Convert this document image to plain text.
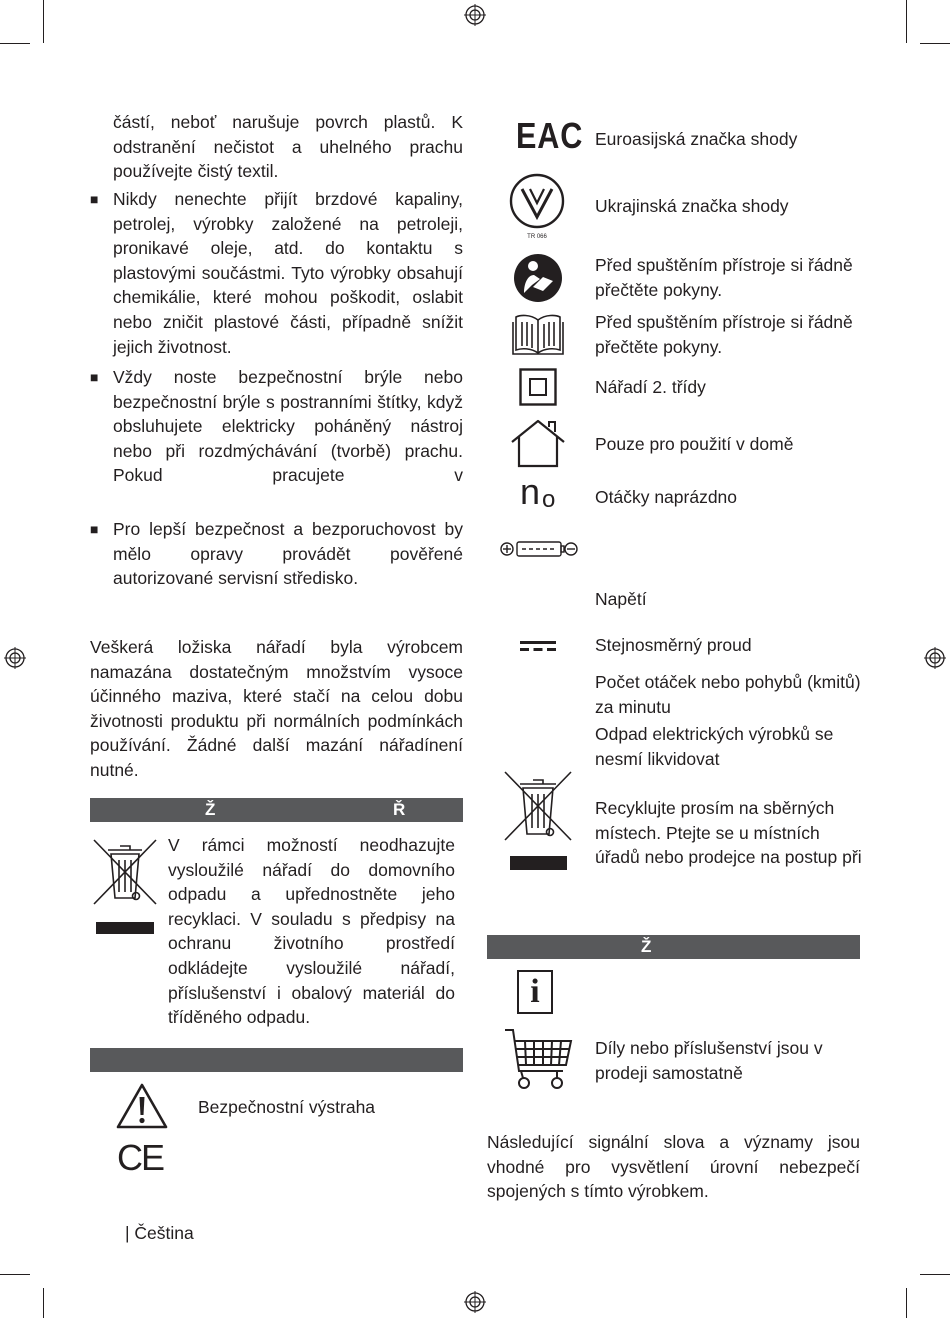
částí, neboť narušuje povrch plastů. K odstranění nečistot a uhelného prachu používejte čistý textil.
■ Nikdy nenechte přijít brzdové kapaliny, petrolej, výrobky založené na petroleji, pronikavé oleje, atd. do kontaktu s plastovými součástmi. Tyto výrobky obsahují chemikálie, které mohou poškodit, oslabit nebo zničit plastové části, případně snížit jejich životnost.
■ Vždy noste bezpečnostní brýle nebo bezpečnostní brýle s postranními štítky, když obsluhujete elektricky poháněný nástroj nebo při rozdmýchávání (tvorbě) prachu. Pokud pracujete v
■ Pro lepší bezpečnost a bezporuchovost by mělo opravy provádět pověřené autorizované servisní středisko.
Veškerá ložiska nářadí byla výrobcem namazána dostatečným množstvím vysoce účinného maziva, které stačí na celou dobu životnosti produktu při normálních podmínkách používání. Žádné další mazání nářadínení nutné.
Ž	Ř
V rámci možností neodhazujte vysloužilé nářadí do domovního odpadu a upřednostněte jeho recyklaci. V souladu s předpisy na ochranu životního prostředí odkládejte vysloužilé nářadí, příslušenství i obalový materiál do tříděného odpadu.
Bezpečnostní výstraha
CE
| Čeština
EAC Euroasijská značka shody
TR 066
Ukrajinská značka shody
Před spuštěním přístroje si řádně přečtěte pokyny.
Před spuštěním přístroje si řádně přečtěte pokyny.
Nářadí 2. třídy
Pouze pro použití v domě
n o Otáčky naprázdno
Napětí
Stejnosměrný proud
Počet otáček nebo pohybů (kmitů) za minutu
Odpad elektrických výrobků se nesmí likvidovat
Recyklujte prosím na sběrných místech. Ptejte se u místních úřadů nebo prodejce na postup při
Ž
i
Díly nebo příslušenství jsou v prodeji samostatně
Následující signální slova a významy jsou vhodné pro vysvětlení úrovní nebezpečí spojených s tímto výrobkem.
